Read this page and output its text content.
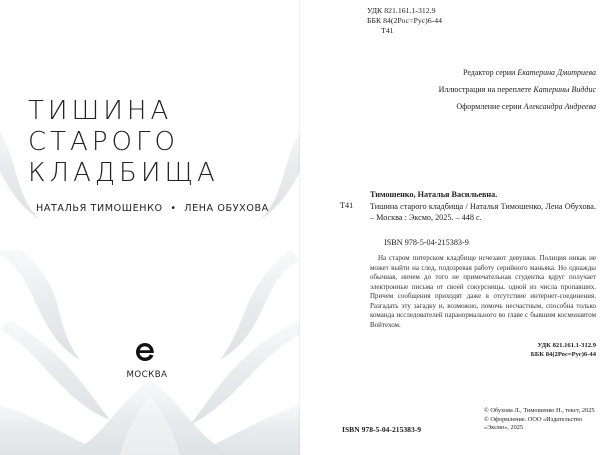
ТИШИНА
СТАРОГО
КЛАДБИЩА
НАТАЛЬЯ ТИМОШЕНКО • ЛЕНА ОБУХОВА
МОСКВА
УДК 821.161.1-312.9
ББК 84(2Рос=Рус)6-44
Т41
Редактор серии Екатерина Дмитриева
Иллюстрация на переплете Катерины Виддис
Оформление серии Александра Андреева
Тимошенко, Наталья Васильевна.
Т41 Тишина старого кладбища / Наталья Тимошенко, Лена Обухова. – Москва : Эксмо, 2025. – 448 с.
ISBN 978-5-04-215383-9
На старом питерском кладбище исчезают девушки. Полиция никак не может выйти на след, подозревая работу серийного маньяка. Но однажды обычная, ничем до того не примечательная студентка вдруг получает электронные письма от своей сокурсницы, одной из числа пропавших. Причем сообщения приходят даже в отсутствие интернет-соединения. Разгадать эту загадку и, возможно, помочь несчастным, способна только команда исследователей паранормального во главе с бывшим космонавтом Войтехом.
УДК 821.161.1-312.9
ББК 84(2Рос=Рус)6-44
© Обухова Л., Тимошенко Н., текст, 2025
© Оформление. ООО «Издательство
«Эксмо», 2025
ISBN 978-5-04-215383-9
